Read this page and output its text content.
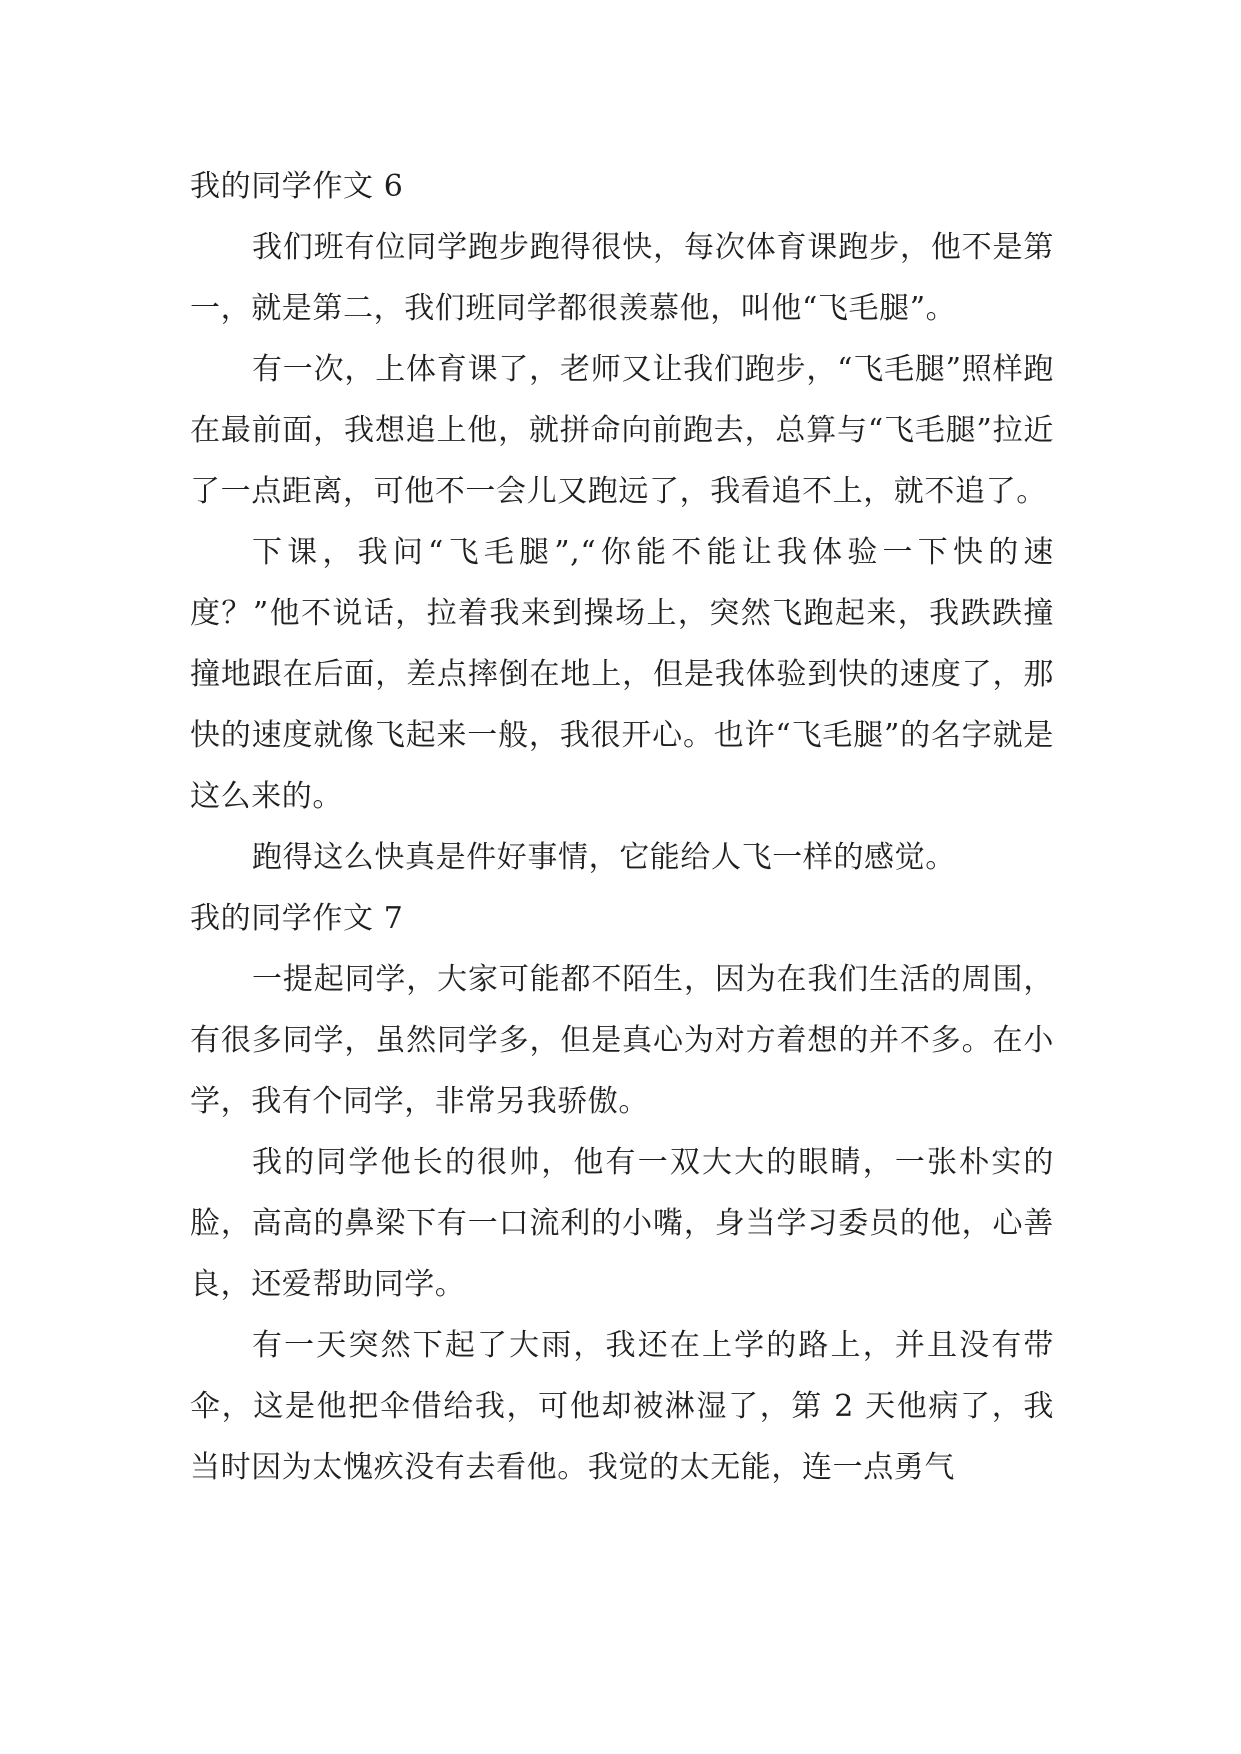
我的同学作文 6

我们班有位同学跑步跑得很快，每次体育课跑步，他不是第一，就是第二，我们班同学都很羡慕他，叫他“飞毛腿”。

有一次，上体育课了，老师又让我们跑步，“飞毛腿”照样跑在最前面，我想追上他，就拼命向前跑去，总算与“飞毛腿”拉近了一点距离，可他不一会儿又跑远了，我看追不上，就不追了。

下课，我问“飞毛腿”,“你能不能让我体验一下快的速度？”他不说话，拉着我来到操场上，突然飞跑起来，我跌跌撞撞地跟在后面，差点摔倒在地上，但是我体验到快的速度了，那快的速度就像飞起来一般，我很开心。也许“飞毛腿”的名字就是这么来的。

跑得这么快真是件好事情，它能给人飞一样的感觉。

我的同学作文 7

一提起同学，大家可能都不陌生，因为在我们生活的周围，有很多同学，虽然同学多，但是真心为对方着想的并不多。在小学，我有个同学，非常另我骄傲。

我的同学他长的很帅，他有一双大大的眼睛，一张朴实的脸，高高的鼻梁下有一口流利的小嘴，身当学习委员的他，心善良，还爱帮助同学。

有一天突然下起了大雨，我还在上学的路上，并且没有带伞，这是他把伞借给我，可他却被淋湿了，第 2 天他病了，我当时因为太愧疚没有去看他。我觉的太无能，连一点勇气
